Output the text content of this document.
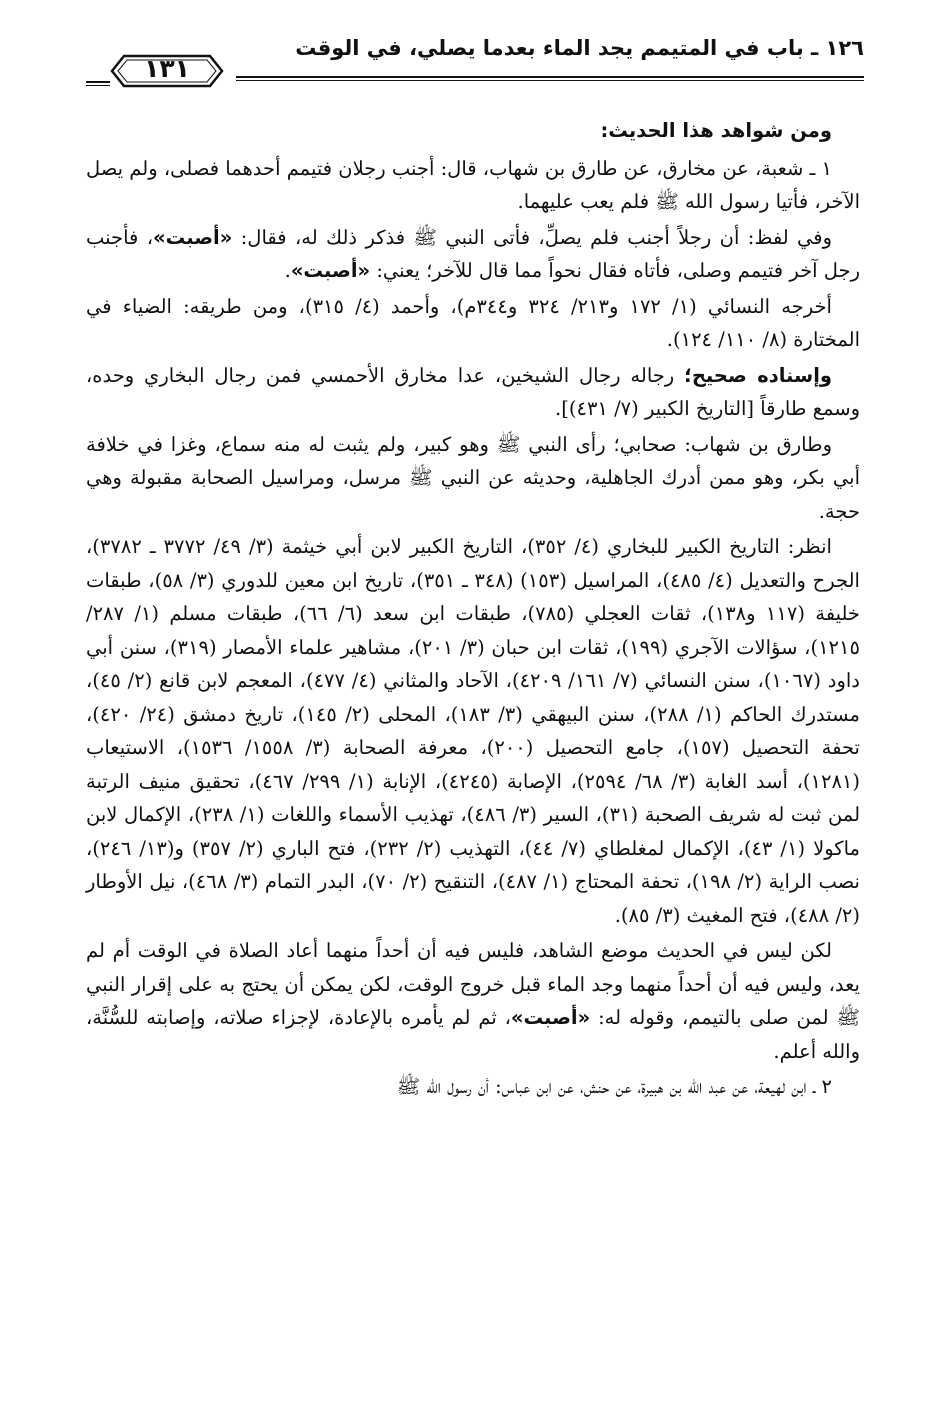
١٢٦ ـ باب في المتيمم يجد الماء بعدما يصلي، في الوقت
١٣١

ومن شواهد هذا الحديث:

١ ـ شعبة، عن مخارق، عن طارق بن شهاب، قال: أجنب رجلان فتيمم أحدهما فصلى، ولم يصل الآخر، فأتيا رسول الله ﷺ فلم يعب عليهما.

وفي لفظ: أن رجلاً أجنب فلم يصلِّ، فأتى النبي ﷺ فذكر ذلك له، فقال: «أصبت»، فأجنب رجل آخر فتيمم وصلى، فأتاه فقال نحواً مما قال للآخر؛ يعني: «أصبت».

أخرجه النسائي (١/ ١٧٢ و٢١٣/ ٣٢٤ و٣٤٤م)، وأحمد (٤/ ٣١٥)، ومن طريقه: الضياء في المختارة (٨/ ١١٠/ ١٢٤).

وإسناده صحيح؛ رجاله رجال الشيخين، عدا مخارق الأحمسي فمن رجال البخاري وحده، وسمع طارقاً [التاريخ الكبير (٧/ ٤٣١)].

وطارق بن شهاب: صحابي؛ رأى النبي ﷺ وهو كبير، ولم يثبت له منه سماع، وغزا في خلافة أبي بكر، وهو ممن أدرك الجاهلية، وحديثه عن النبي ﷺ مرسل، ومراسيل الصحابة مقبولة وهي حجة.

انظر: التاريخ الكبير للبخاري (٤/ ٣٥٢)، التاريخ الكبير لابن أبي خيثمة (٣/ ٤٩/ ٣٧٧٢ ـ ٣٧٨٢)، الجرح والتعديل (٤/ ٤٨٥)، المراسيل (١٥٣) (٣٤٨ ـ ٣٥١)، تاريخ ابن معين للدوري (٣/ ٥٨)، طبقات خليفة (١١٧ و١٣٨)، ثقات العجلي (٧٨٥)، طبقات ابن سعد (٦/ ٦٦)، طبقات مسلم (١/ ٢٨٧/ ١٢١٥)، سؤالات الآجري (١٩٩)، ثقات ابن حبان (٣/ ٢٠١)، مشاهير علماء الأمصار (٣١٩)، سنن أبي داود (١٠٦٧)، سنن النسائي (٧/ ١٦١/ ٤٢٠٩)، الآحاد والمثاني (٤/ ٤٧٧)، المعجم لابن قانع (٢/ ٤٥)، مستدرك الحاكم (١/ ٢٨٨)، سنن البيهقي (٣/ ١٨٣)، المحلى (٢/ ١٤٥)، تاريخ دمشق (٢٤/ ٤٢٠)، تحفة التحصيل (١٥٧)، جامع التحصيل (٢٠٠)، معرفة الصحابة (٣/ ١٥٥٨/ ١٥٣٦)، الاستيعاب (١٢٨١)، أسد الغابة (٣/ ٦٨/ ٢٥٩٤)، الإصابة (٤٢٤٥)، الإنابة (١/ ٢٩٩/ ٤٦٧)، تحقيق منيف الرتبة لمن ثبت له شريف الصحبة (٣١)، السير (٣/ ٤٨٦)، تهذيب الأسماء واللغات (١/ ٢٣٨)، الإكمال لابن ماكولا (١/ ٤٣)، الإكمال لمغلطاي (٧/ ٤٤)، التهذيب (٢/ ٢٣٢)، فتح الباري (٢/ ٣٥٧) و(١٣/ ٢٤٦)، نصب الراية (٢/ ١٩٨)، تحفة المحتاج (١/ ٤٨٧)، التنقيح (٢/ ٧٠)، البدر التمام (٣/ ٤٦٨)، نيل الأوطار (٢/ ٤٨٨)، فتح المغيث (٣/ ٨٥).

لكن ليس في الحديث موضع الشاهد، فليس فيه أن أحداً منهما أعاد الصلاة في الوقت أم لم يعد، وليس فيه أن أحداً منهما وجد الماء قبل خروج الوقت، لكن يمكن أن يحتج به على إقرار النبي ﷺ لمن صلى بالتيمم، وقوله له: «أصبت»، ثم لم يأمره بالإعادة، لإجزاء صلاته، وإصابته للسُّنَّة، والله أعلم.

٢ ـ ابن لهيعة، عن عبد الله بن هبيرة، عن حنش، عن ابن عباس: أن رسول الله ﷺ
